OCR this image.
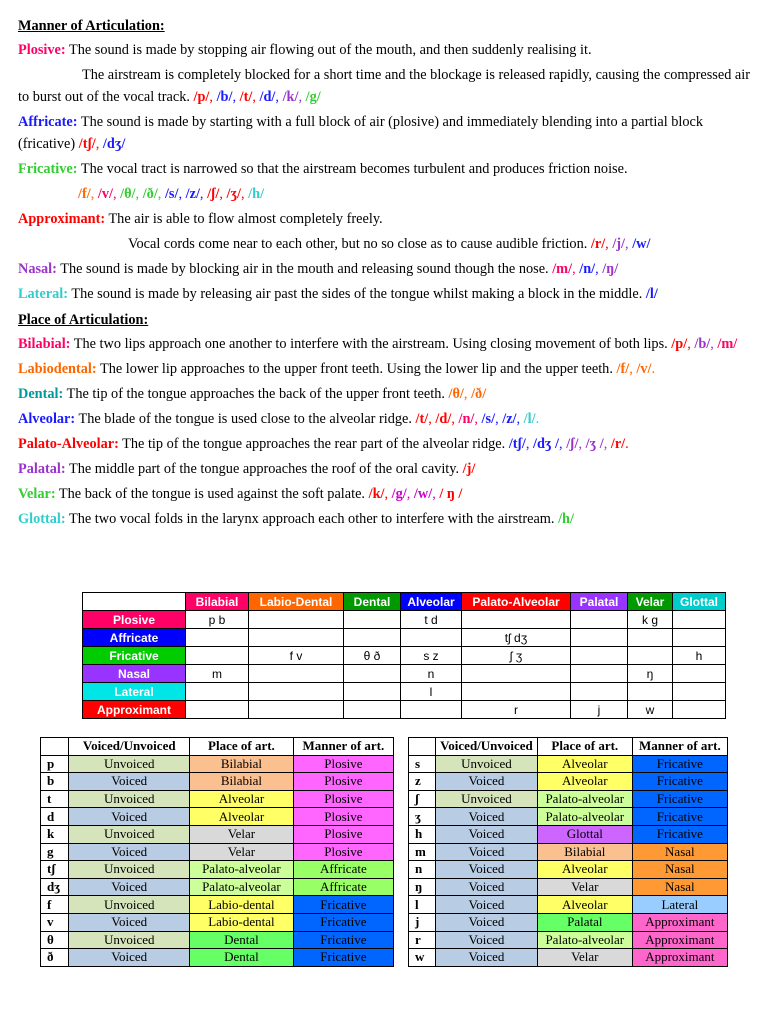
Manner of Articulation:
Plosive: The sound is made by stopping air flowing out of the mouth, and then suddenly realising it.
The airstream is completely blocked for a short time and the blockage is released rapidly, causing the compressed air to burst out of the vocal track. /p/, /b/, /t/, /d/, /k/, /g/
Affricate: The sound is made by starting with a full block of air (plosive) and immediately blending into a partial block (fricative) /tʃ/, /dʒ/
Fricative: The vocal tract is narrowed so that the airstream becomes turbulent and produces friction noise.
/f/, /v/, /θ/, /ð/, /s/, /z/, /ʃ/, /ʒ/, /h/
Approximant: The air is able to flow almost completely freely.
Vocal cords come near to each other, but no so close as to cause audible friction. /r/, /j/, /w/
Nasal: The sound is made by blocking air in the mouth and releasing sound though the nose. /m/, /n/, /ŋ/
Lateral: The sound is made by releasing air past the sides of the tongue whilst making a block in the middle. /l/
Place of Articulation:
Bilabial: The two lips approach one another to interfere with the airstream. Using closing movement of both lips. /p/, /b/, /m/
Labiodental: The lower lip approaches to the upper front teeth. Using the lower lip and the upper teeth. /f/, /v/.
Dental: The tip of the tongue approaches the back of the upper front teeth. /θ/, /ð/
Alveolar: The blade of the tongue is used close to the alveolar ridge. /t/, /d/, /n/, /s/, /z/, /l/.
Palato-Alveolar: The tip of the tongue approaches the rear part of the alveolar ridge. /tʃ/, /dʒ /, /ʃ/, /ʒ /, /r/.
Palatal: The middle part of the tongue approaches the roof of the oral cavity. /j/
Velar: The back of the tongue is used against the soft palate. /k/, /g/, /w/, / ŋ /
Glottal: The two vocal folds in the larynx approach each other to interfere with the airstream. /h/
	Bilabial	Labio-Dental	Dental	Alveolar	Palato-Alveolar	Palatal	Velar	Glottal
Plosive	p b			t d			k g	
Affricate					tʃ dʒ			
Fricative		f v	θ ð	s z	ʃ ʒ			h
Nasal	m			n			ŋ	
Lateral				l				
Approximant					r	j	w	
	Voiced/Unvoiced	Place of art.	Manner of art.
p	Unvoiced	Bilabial	Plosive
b	Voiced	Bilabial	Plosive
t	Unvoiced	Alveolar	Plosive
d	Voiced	Alveolar	Plosive
k	Unvoiced	Velar	Plosive
g	Voiced	Velar	Plosive
tʃ	Unvoiced	Palato-alveolar	Affricate
dʒ	Voiced	Palato-alveolar	Affricate
f	Unvoiced	Labio-dental	Fricative
v	Voiced	Labio-dental	Fricative
θ	Unvoiced	Dental	Fricative
ð	Voiced	Dental	Fricative
	Voiced/Unvoiced	Place of art.	Manner of art.
s	Unvoiced	Alveolar	Fricative
z	Voiced	Alveolar	Fricative
ʃ	Unvoiced	Palato-alveolar	Fricative
ʒ	Voiced	Palato-alveolar	Fricative
h	Voiced	Glottal	Fricative
m	Voiced	Bilabial	Nasal
n	Voiced	Alveolar	Nasal
ŋ	Voiced	Velar	Nasal
l	Voiced	Alveolar	Lateral
j	Voiced	Palatal	Approximant
r	Voiced	Palato-alveolar	Approximant
w	Voiced	Velar	Approximant
